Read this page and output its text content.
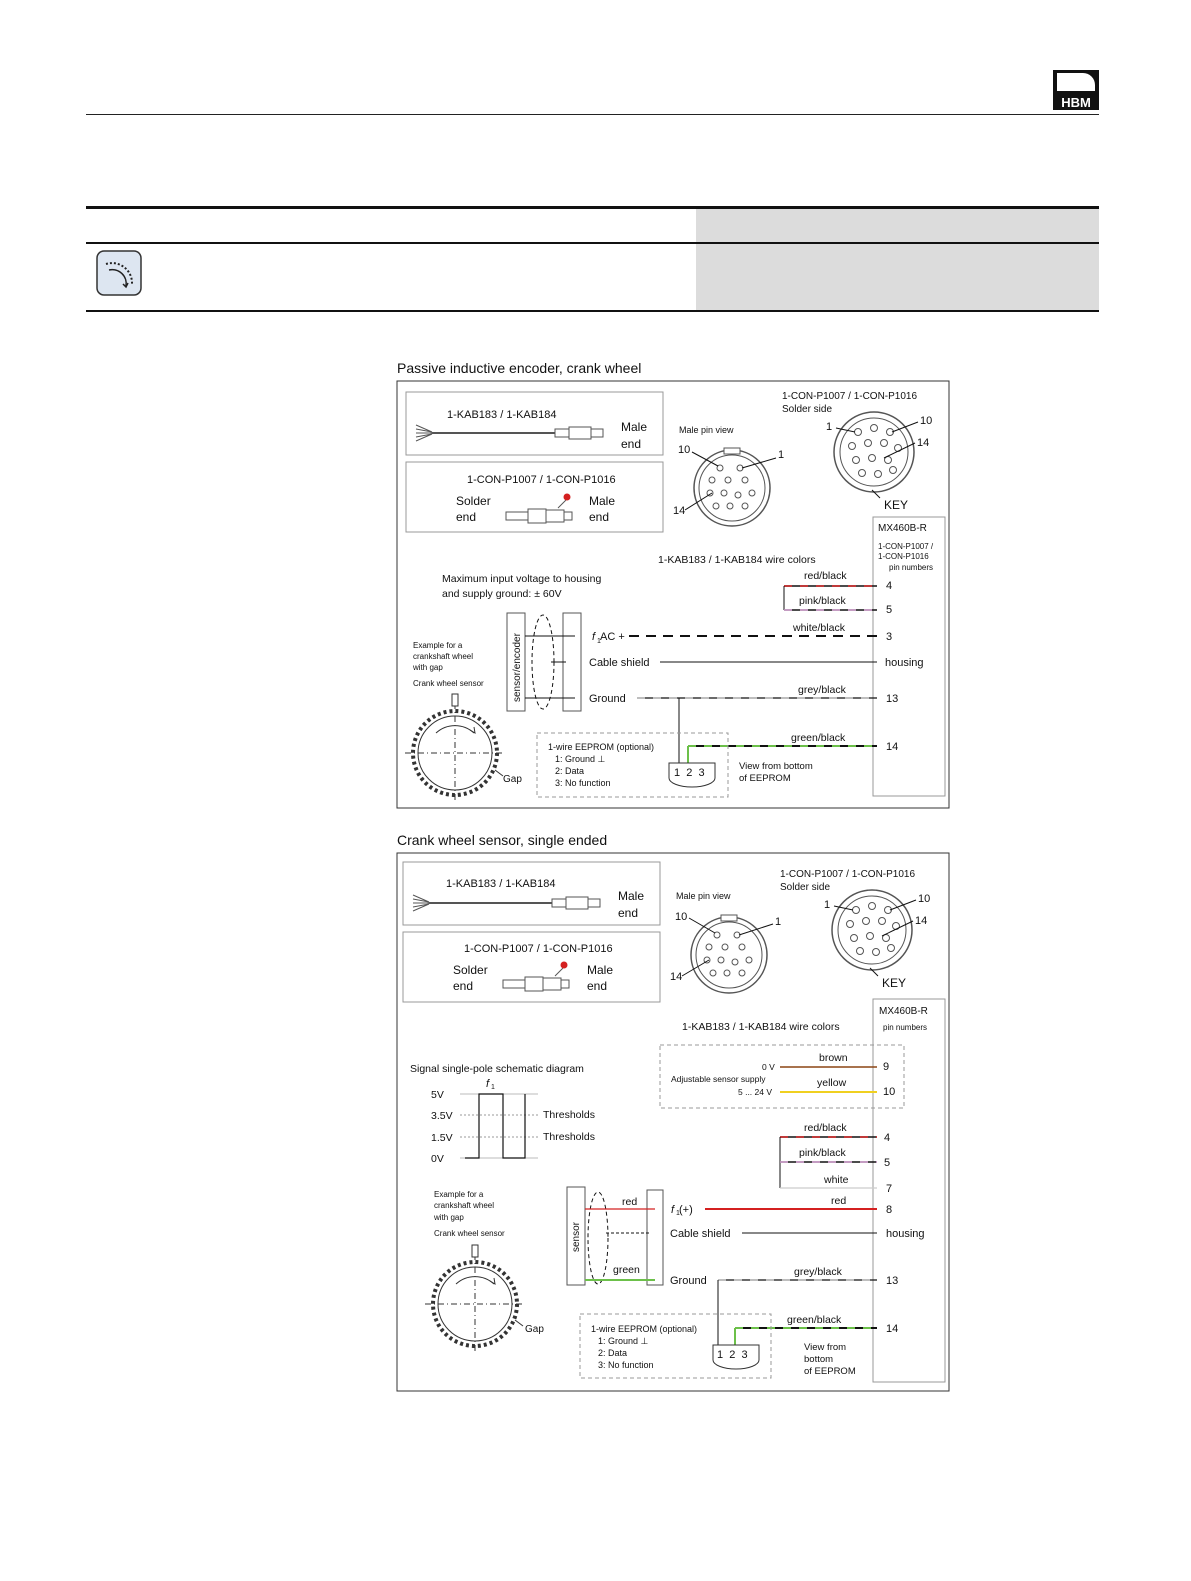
HBM
Passive inductive encoder, crank wheel
Crank wheel sensor, single ended
1-KAB183 / 1-KAB184
Male
end
1-CON-P1007 / 1-CON-P1016
Solder
end
Male
end
Male pin view
10	1
14
1-CON-P1007 / 1-CON-P1016
Solder side
1	10
14
KEY
MX460B-R
1-CON-P1007 /
1-CON-P1016
pin numbers
1-KAB183 / 1-KAB184 wire colors
Maximum input voltage to housing
and supply ground: ± 60V
red/black
4
pink/black
5
white/black
3
housing
grey/black
13
green/black
14
sensor/encoder	f 1 AC +
Cable shield
Ground
Example for a
crankshaft wheel
with gap
Crank wheel sensor
Gap
1-wire EEPROM (optional)
1: Ground ⊥
2: Data
3: No function
1  2  3
View from bottom
of EEPROM
1-KAB183 / 1-KAB184
Male
end
1-CON-P1007 / 1-CON-P1016
Solder
end
Male
end
Male pin view
10	1
14
1-CON-P1007 / 1-CON-P1016
Solder side
1	10
14
KEY
MX460B-R
pin numbers
1-KAB183 / 1-KAB184 wire colors
0 V
Adjustable sensor supply
5 ... 24 V
brown
9
yellow
10
Signal single-pole schematic diagram
f 1
5V
3.5V
1.5V
0V
Thresholds
Thresholds
red/black
4
pink/black
5
white
7
red
8
housing
grey/black
13
green/black
14
sensor
red
green
f 1 (+)
Cable shield
Ground
Example for a
crankshaft wheel
with gap
Crank wheel sensor
Gap	1-wire EEPROM (optional)
1: Ground ⊥
2: Data
3: No function
1  2  3
View from
bottom
of EEPROM
